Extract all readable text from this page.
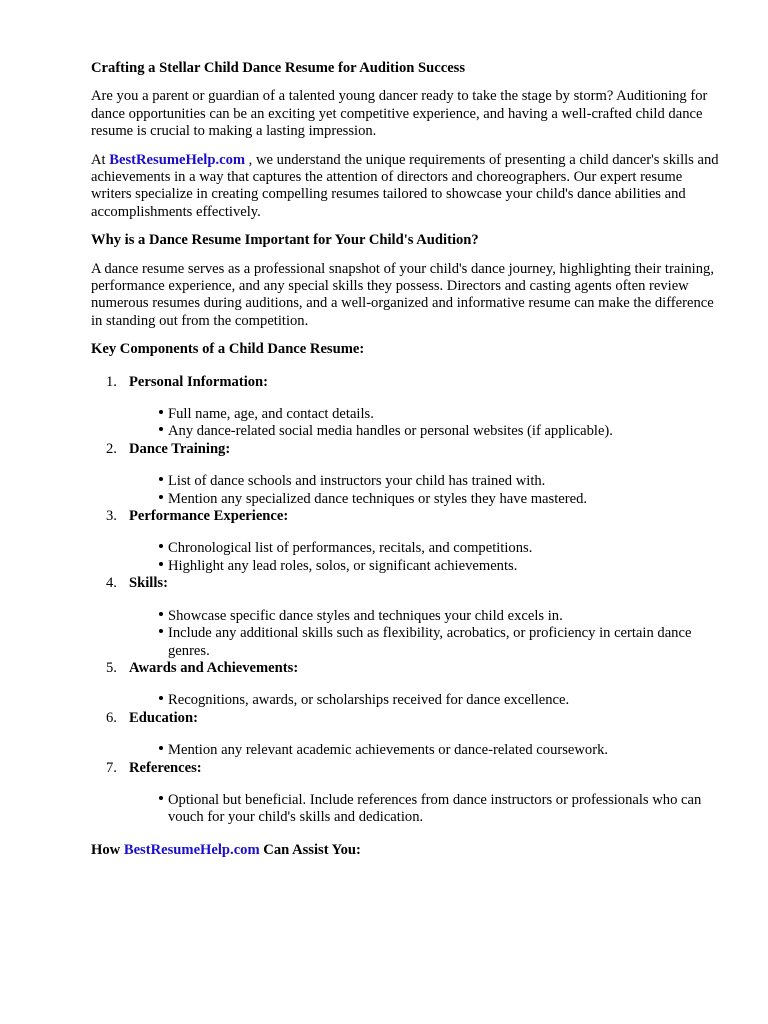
Crafting a Stellar Child Dance Resume for Audition Success

Are you a parent or guardian of a talented young dancer ready to take the stage by storm? Auditioning for dance opportunities can be an exciting yet competitive experience, and having a well-crafted child dance resume is crucial to making a lasting impression.

At BestResumeHelp.com , we understand the unique requirements of presenting a child dancer's skills and achievements in a way that captures the attention of directors and choreographers. Our expert resume writers specialize in creating compelling resumes tailored to showcase your child's dance abilities and accomplishments effectively.

Why is a Dance Resume Important for Your Child's Audition?

A dance resume serves as a professional snapshot of your child's dance journey, highlighting their training, performance experience, and any special skills they possess. Directors and casting agents often review numerous resumes during auditions, and a well-organized and informative resume can make the difference in standing out from the competition.

Key Components of a Child Dance Resume:
1. Personal Information:
Full name, age, and contact details.
Any dance-related social media handles or personal websites (if applicable).
2. Dance Training:
List of dance schools and instructors your child has trained with.
Mention any specialized dance techniques or styles they have mastered.
3. Performance Experience:
Chronological list of performances, recitals, and competitions.
Highlight any lead roles, solos, or significant achievements.
4. Skills:
Showcase specific dance styles and techniques your child excels in.
Include any additional skills such as flexibility, acrobatics, or proficiency in certain dance genres.
5. Awards and Achievements:
Recognitions, awards, or scholarships received for dance excellence.
6. Education:
Mention any relevant academic achievements or dance-related coursework.
7. References:
Optional but beneficial. Include references from dance instructors or professionals who can vouch for your child's skills and dedication.
How BestResumeHelp.com Can Assist You:
